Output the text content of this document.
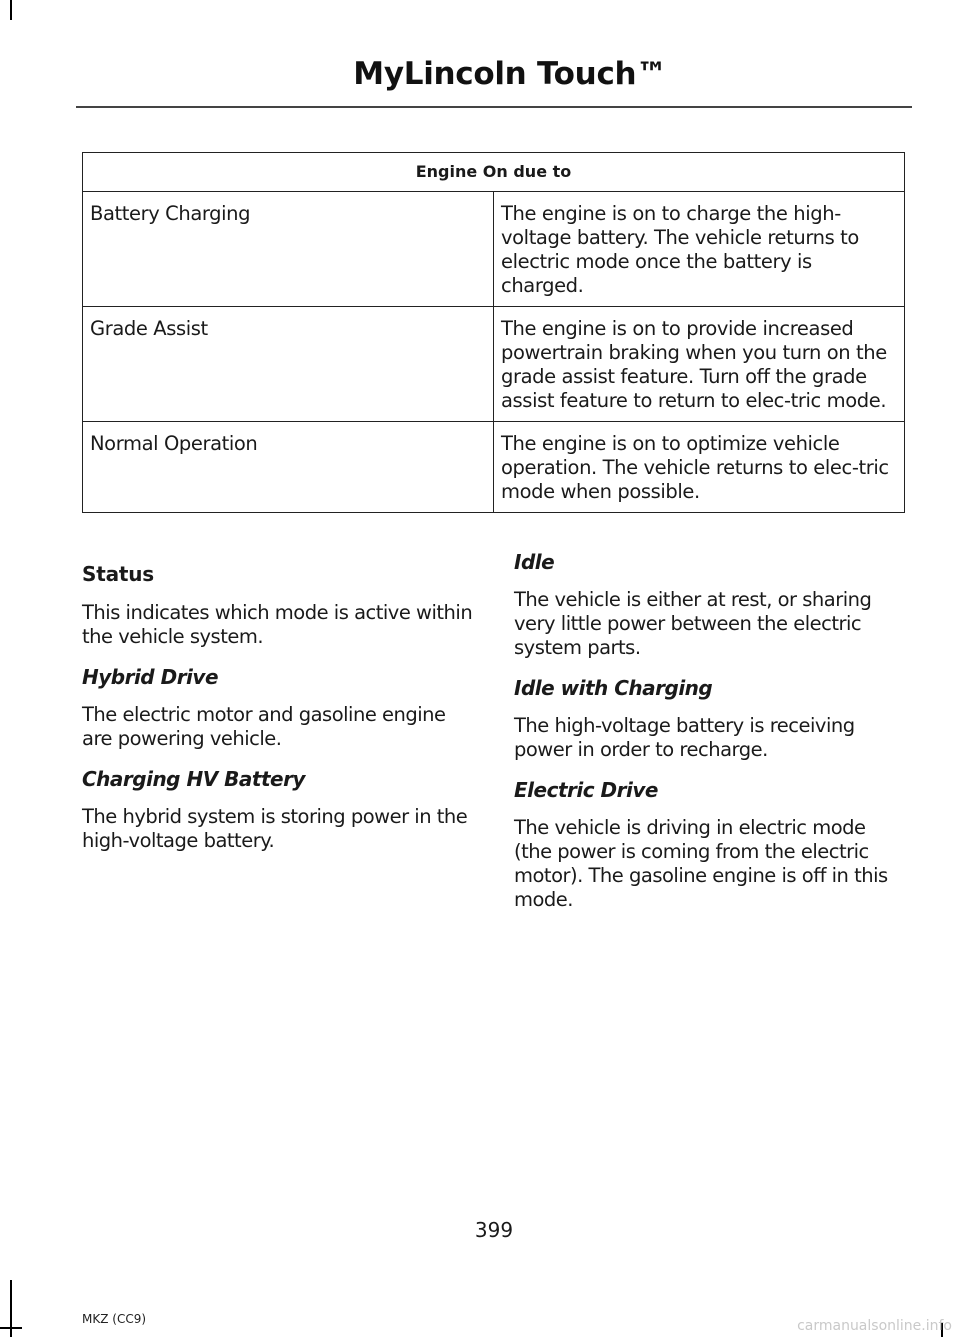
MyLincoln Touch™
Engine On due to	
Battery Charging	The engine is on to charge the high-voltage battery. The vehicle returns to electric mode once the battery is charged.
Grade Assist	The engine is on to provide increased powertrain braking when you turn on the grade assist feature. Turn off the grade assist feature to return to elec-tric mode.
Normal Operation	The engine is on to optimize vehicle operation. The vehicle returns to elec-tric mode when possible.
Status

This indicates which mode is active within the vehicle system.

Hybrid Drive

The electric motor and gasoline engine are powering vehicle.

Charging HV Battery

The hybrid system is storing power in the high-voltage battery.

Idle

The vehicle is either at rest, or sharing very little power between the electric system parts.

Idle with Charging

The high-voltage battery is receiving power in order to recharge.

Electric Drive

The vehicle is driving in electric mode (the power is coming from the electric motor). The gasoline engine is off in this mode.

399

MKZ (CC9)	carmanualsonline.info
